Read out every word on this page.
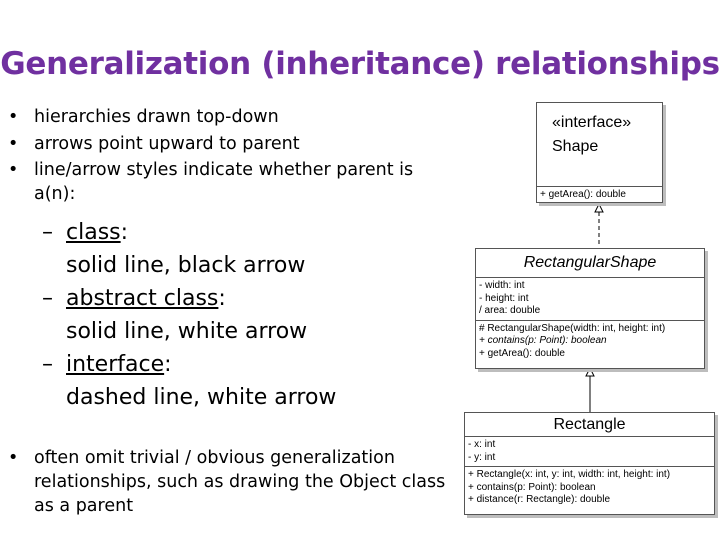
Generalization (inheritance) relationships
• hierarchies drawn top-down
• arrows point upward to parent
• line/arrow styles indicate whether parent is a(n):
– class:
solid line, black arrow
– abstract class:
solid line, white arrow
– interface:
dashed line, white arrow
• often omit trivial / obvious generalization relationships, such as drawing the Object class as a parent
«interface»
Shape
+ getArea(): double
RectangularShape
- width: int
- height: int
/ area: double
# RectangularShape(width: int, height: int)
+ contains(p: Point): boolean
+ getArea(): double
Rectangle
- x: int
- y: int
+ Rectangle(x: int, y: int, width: int, height: int)
+ contains(p: Point): boolean
+ distance(r: Rectangle): double
